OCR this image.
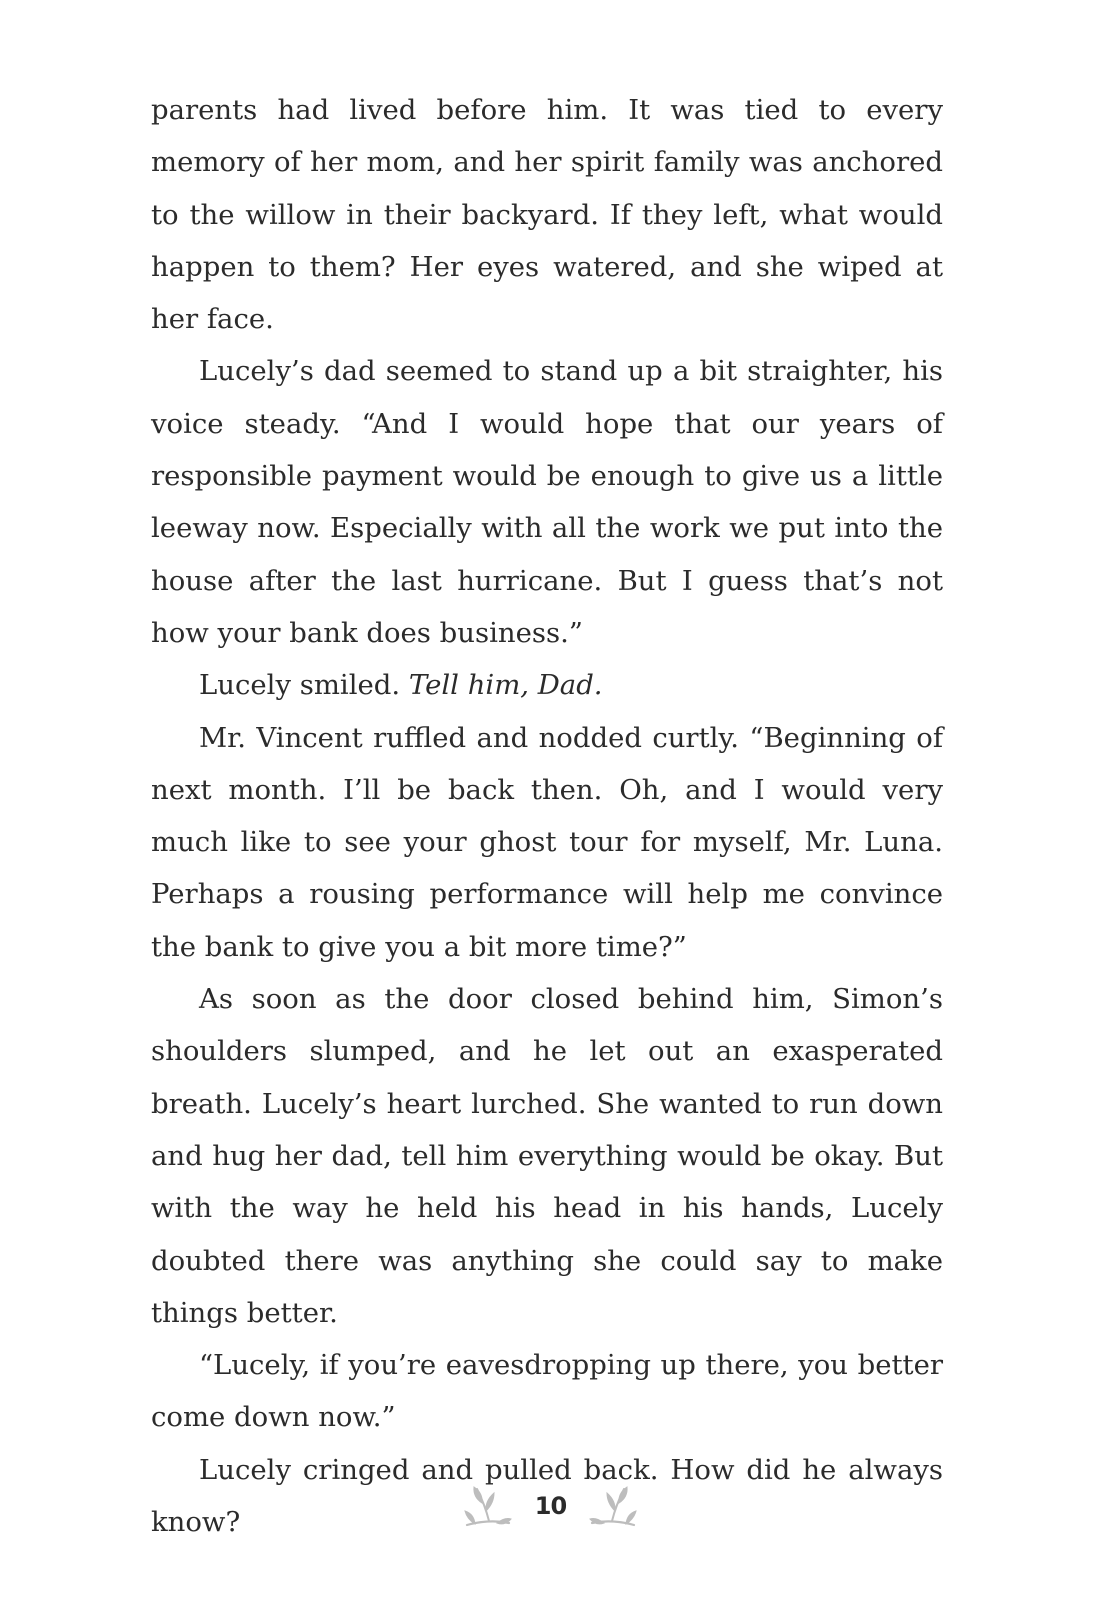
parents had lived before him. It was tied to every memory of her mom, and her spirit family was anchored to the willow in their backyard. If they left, what would happen to them? Her eyes watered, and she wiped at her face.

Lucely’s dad seemed to stand up a bit straighter, his voice steady. “And I would hope that our years of responsible payment would be enough to give us a little leeway now. Especially with all the work we put into the house after the last hurricane. But I guess that’s not how your bank does business.”

Lucely smiled. Tell him, Dad.

Mr. Vincent ruffled and nodded curtly. “Beginning of next month. I’ll be back then. Oh, and I would very much like to see your ghost tour for myself, Mr. Luna. Perhaps a rousing performance will help me convince the bank to give you a bit more time?”

As soon as the door closed behind him, Simon’s shoulders slumped, and he let out an exasperated breath. Lucely’s heart lurched. She wanted to run down and hug her dad, tell him everything would be okay. But with the way he held his head in his hands, Lucely doubted there was anything she could say to make things better.

“Lucely, if you’re eavesdropping up there, you better come down now.”

Lucely cringed and pulled back. How did he always know?

10
